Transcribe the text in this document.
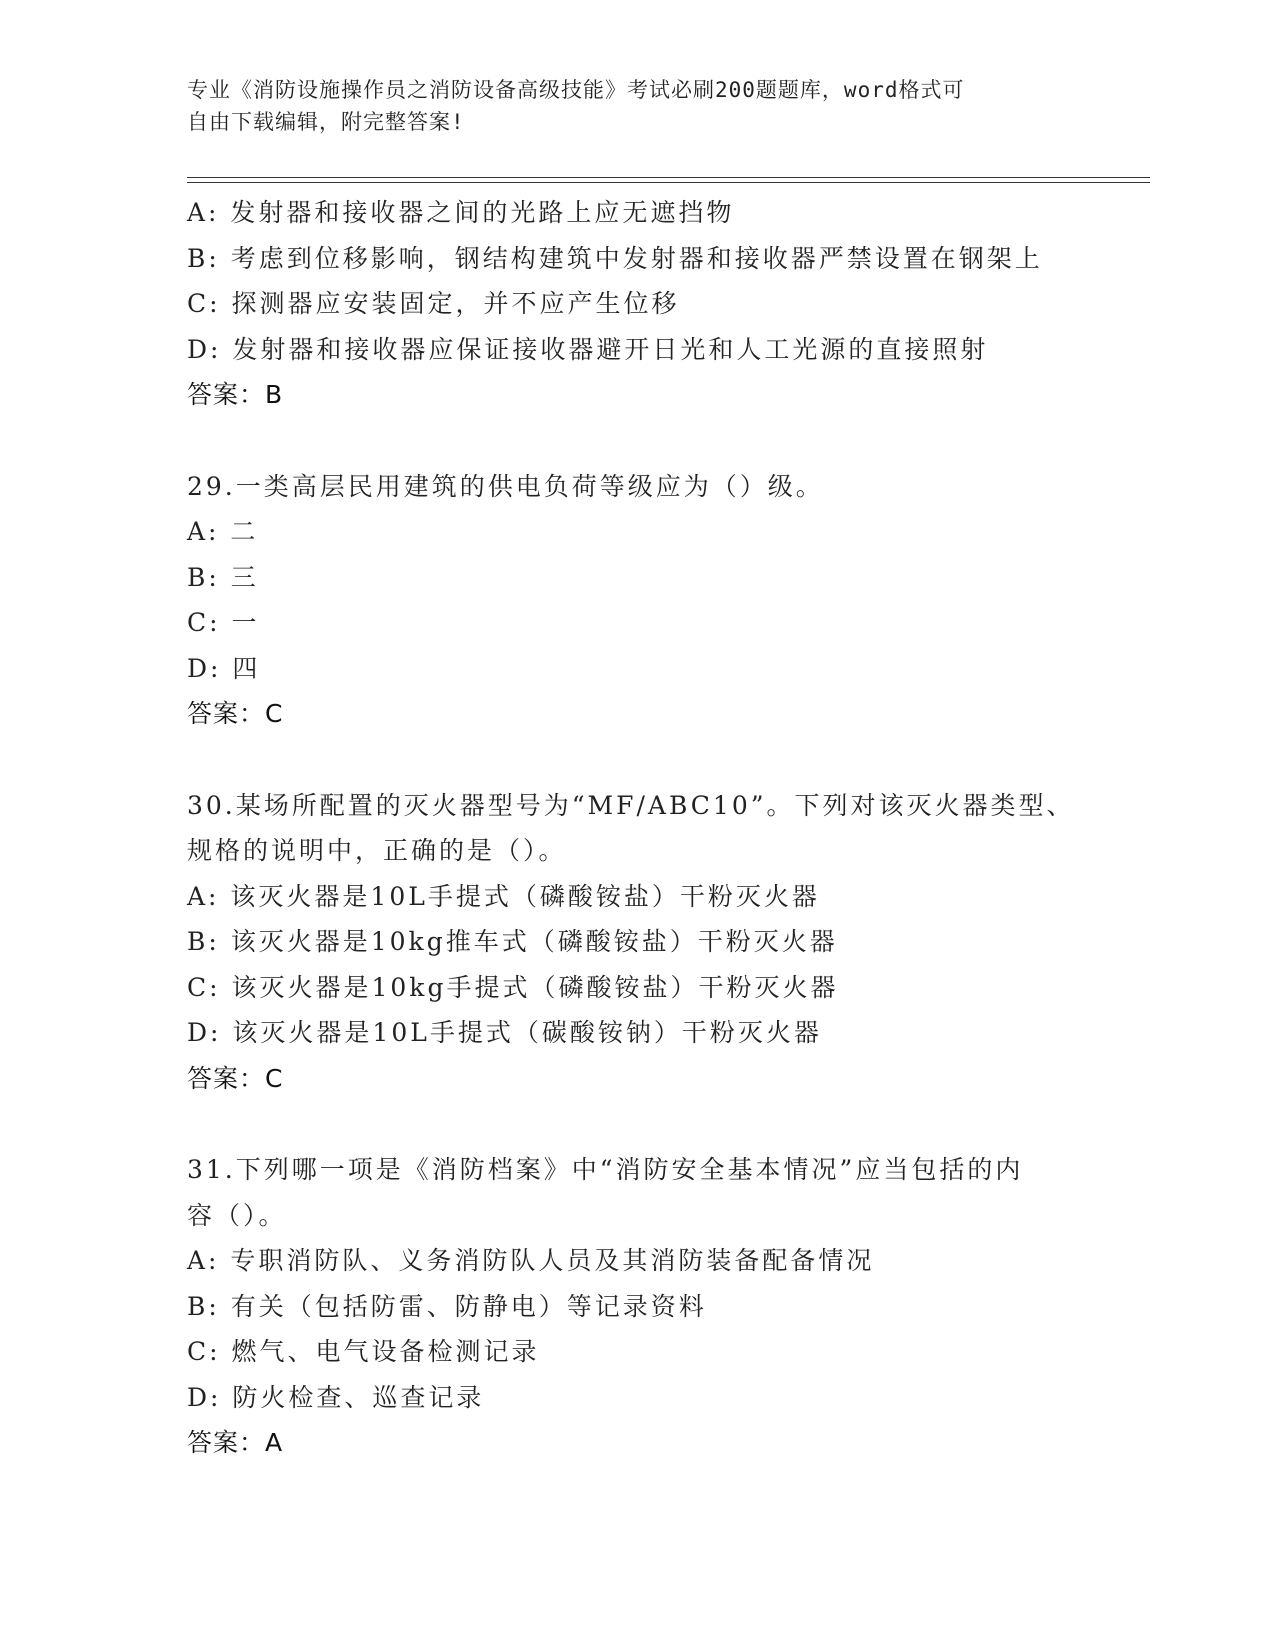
专业《消防设施操作员之消防设备高级技能》考试必刷200题题库，word格式可
自由下载编辑，附完整答案!
A: 发射器和接收器之间的光路上应无遮挡物
B: 考虑到位移影响，钢结构建筑中发射器和接收器严禁设置在钢架上
C: 探测器应安装固定，并不应产生位移
D: 发射器和接收器应保证接收器避开日光和人工光源的直接照射
答案：B
29.一类高层民用建筑的供电负荷等级应为（）级。
A: 二
B: 三
C: 一
D: 四
答案：C
30.某场所配置的灭火器型号为“MF/ABC10”。下列对该灭火器类型、
规格的说明中，正确的是（）。
A: 该灭火器是10L手提式（磷酸铵盐）干粉灭火器
B: 该灭火器是10kg推车式（磷酸铵盐）干粉灭火器
C: 该灭火器是10kg手提式（磷酸铵盐）干粉灭火器
D: 该灭火器是10L手提式（碳酸铵钠）干粉灭火器
答案：C
31.下列哪一项是《消防档案》中“消防安全基本情况”应当包括的内
容（）。
A: 专职消防队、义务消防队人员及其消防装备配备情况
B: 有关（包括防雷、防静电）等记录资料
C: 燃气、电气设备检测记录
D: 防火检查、巡查记录
答案：A
